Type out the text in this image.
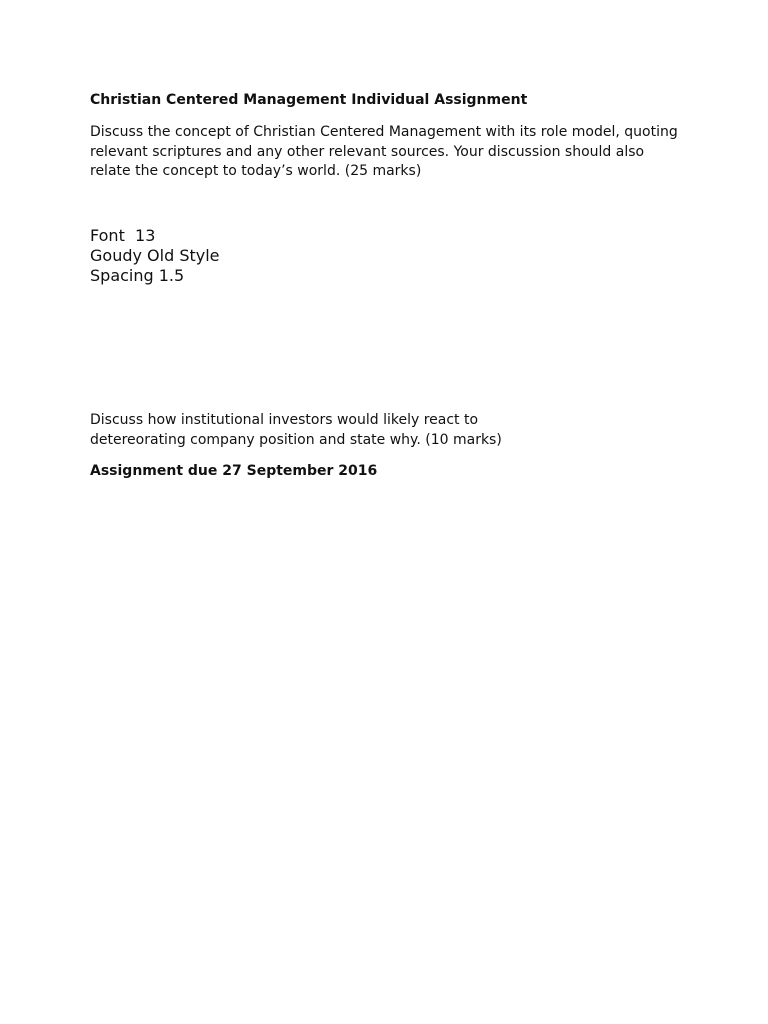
Christian Centered Management Individual Assignment
Discuss the concept of Christian Centered Management with its role model, quoting
relevant scriptures and any other relevant sources. Your discussion should also
relate the concept to today’s world. (25 marks)
Font  13
Goudy Old Style
Spacing 1.5
Discuss how institutional investors would likely react to
detereorating company position and state why. (10 marks)
Assignment due 27 September 2016
